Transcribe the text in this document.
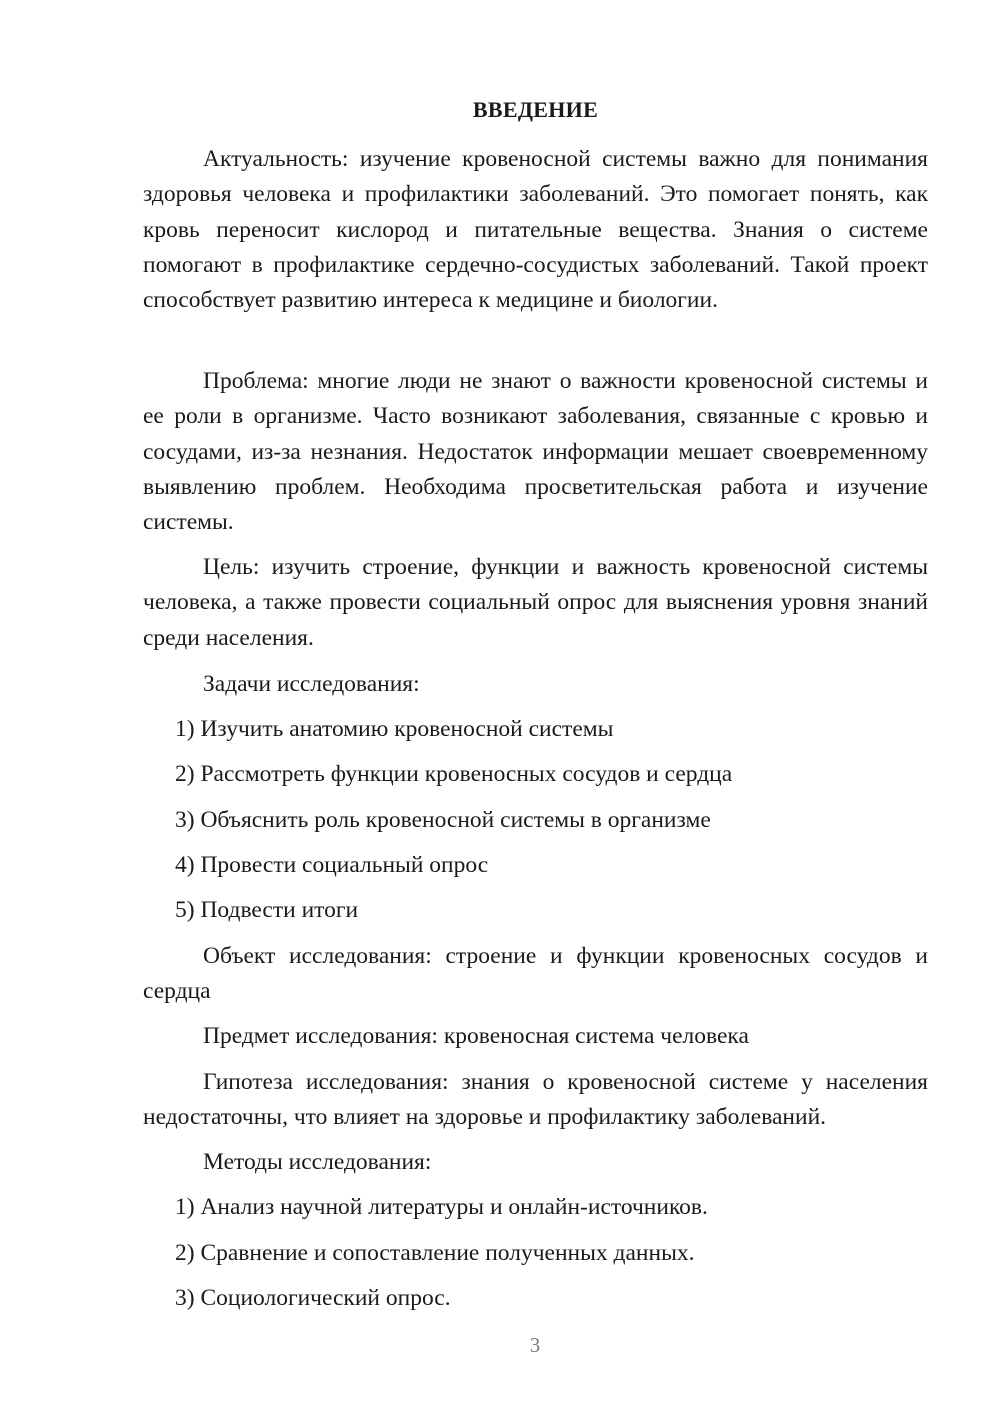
ВВЕДЕНИЕ
Актуальность: изучение кровеносной системы важно для понимания здоровья человека и профилактики заболеваний. Это помогает понять, как кровь переносит кислород и питательные вещества. Знания о системе помогают в профилактике сердечно-сосудистых заболеваний. Такой проект способствует развитию интереса к медицине и биологии.
Проблема: многие люди не знают о важности кровеносной системы и ее роли в организме. Часто возникают заболевания, связанные с кровью и сосудами, из-за незнания. Недостаток информации мешает своевременному выявлению проблем. Необходима просветительская работа и изучение системы.
Цель: изучить строение, функции и важность кровеносной системы человека, а также провести социальный опрос для выяснения уровня знаний среди населения.
Задачи исследования:
1) Изучить анатомию кровеносной системы
2) Рассмотреть функции кровеносных сосудов и сердца
3) Объяснить роль кровеносной системы в организме
4) Провести социальный опрос
5) Подвести итоги
Объект исследования: строение и функции кровеносных сосудов и сердца
Предмет исследования: кровеносная система человека
Гипотеза исследования: знания о кровеносной системе у населения недостаточны, что влияет на здоровье и профилактику заболеваний.
Методы исследования:
1) Анализ научной литературы и онлайн-источников.
2) Сравнение и сопоставление полученных данных.
3) Социологический опрос.
3
